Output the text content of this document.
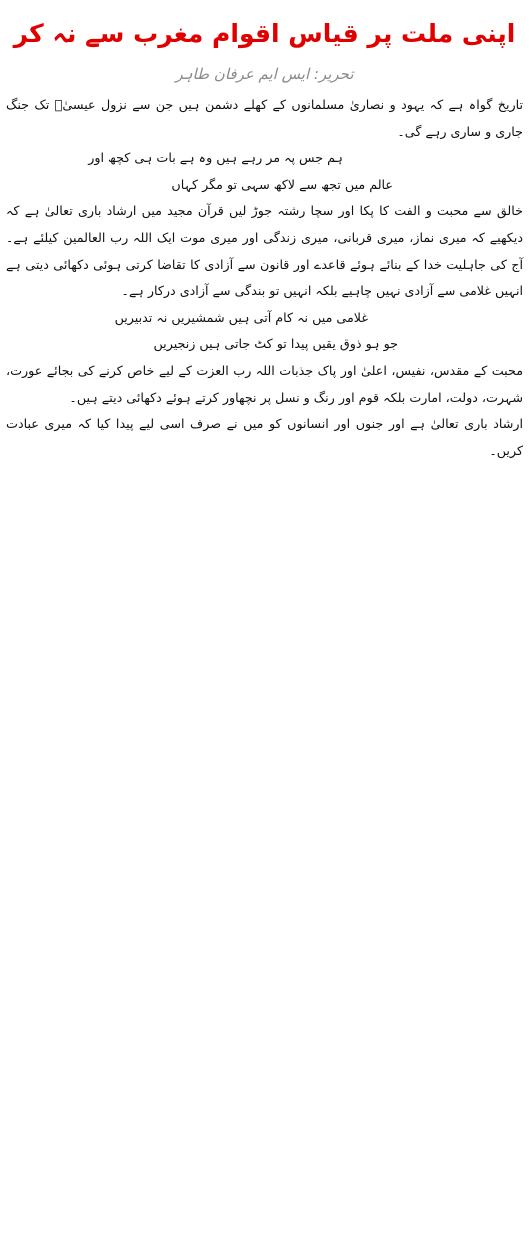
اپنی ملت پر قیاس اقوام مغرب سے نہ کر
تحریر: ایس ایم عرفان طاہر

تاریخ گواہ ہے کہ یہود و نصاریٰ مسلمانوں کے کھلے دشمن ہیں جن سے نزول عیسیٰؑ تک جنگ جاری و ساری رہے گی۔

ہم جس پہ مر رہے ہیں وہ ہے بات ہی کچھ اور

عالم میں تجھ سے لاکھ سہی تو مگر کہاں

خالق سے محبت و الفت کا پکا اور سچا رشتہ جوڑ لیں قرآن مجید میں ارشاد باری تعالیٰ ہے کہ دیکھیے کہ میری نماز، میری قربانی، میری زندگی اور میری موت ایک اللہ رب العالمین کیلئے ہے۔ آج کی جاہلیت خدا کے بنائے ہوئے قاعدے اور قانون سے آزادی کا تقاضا کرتی ہوئی دکھائی دیتی ہے انہیں غلامی سے آزادی نہیں چاہیے بلکہ انہیں تو بندگی سے آزادی درکار ہے۔

غلامی میں نہ کام آتی ہیں شمشیریں نہ تدبیریں

جو ہو ذوق یقیں پیدا تو کٹ جاتی ہیں زنجیریں

محبت کے مقدس، نفیس، اعلیٰ اور پاک جذبات اللہ رب العزت کے لیے خاص کرنے کی بجائے عورت، شہرت، دولت، امارت بلکہ قوم اور رنگ و نسل پر نچھاور کرتے ہوئے دکھائی دیتے ہیں۔

ارشاد باری تعالیٰ ہے اور جنوں اور انسانوں کو میں نے صرف اسی لیے پیدا کیا کہ میری عبادت کریں۔
